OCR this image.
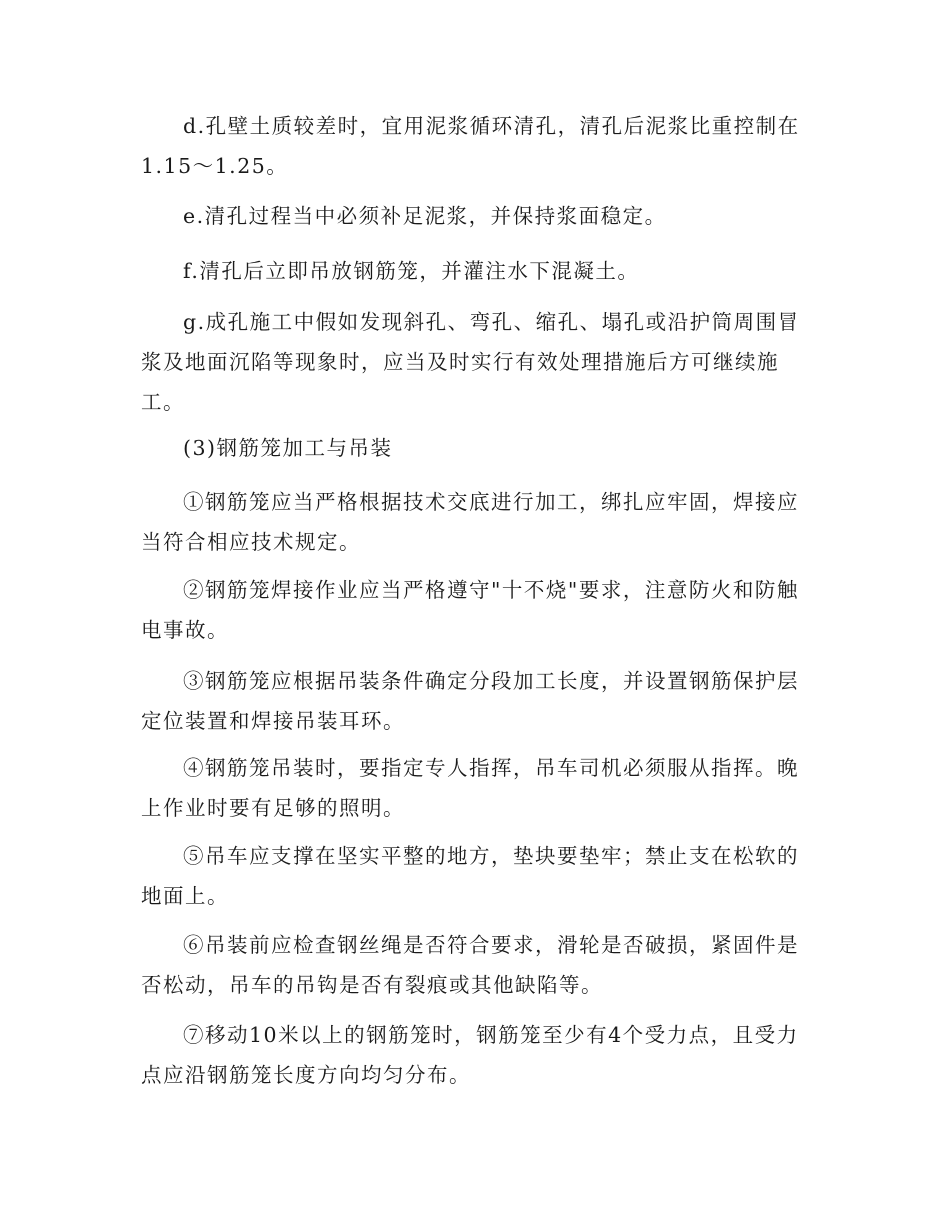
d.孔壁土质较差时，宜用泥浆循环清孔，清孔后泥浆比重控制在1.15～1.25。

e.清孔过程当中必须补足泥浆，并保持浆面稳定。

f.清孔后立即吊放钢筋笼，并灌注水下混凝土。

g.成孔施工中假如发现斜孔、弯孔、缩孔、塌孔或沿护筒周围冒浆及地面沉陷等现象时，应当及时实行有效处理措施后方可继续施工。

(3)钢筋笼加工与吊装

①钢筋笼应当严格根据技术交底进行加工，绑扎应牢固，焊接应当符合相应技术规定。

②钢筋笼焊接作业应当严格遵守"十不烧"要求，注意防火和防触电事故。

③钢筋笼应根据吊装条件确定分段加工长度，并设置钢筋保护层定位装置和焊接吊装耳环。

④钢筋笼吊装时，要指定专人指挥，吊车司机必须服从指挥。晚上作业时要有足够的照明。

⑤吊车应支撑在坚实平整的地方，垫块要垫牢；禁止支在松软的地面上。

⑥吊装前应检查钢丝绳是否符合要求，滑轮是否破损，紧固件是否松动，吊车的吊钩是否有裂痕或其他缺陷等。

⑦移动10米以上的钢筋笼时，钢筋笼至少有4个受力点，且受力点应沿钢筋笼长度方向均匀分布。
